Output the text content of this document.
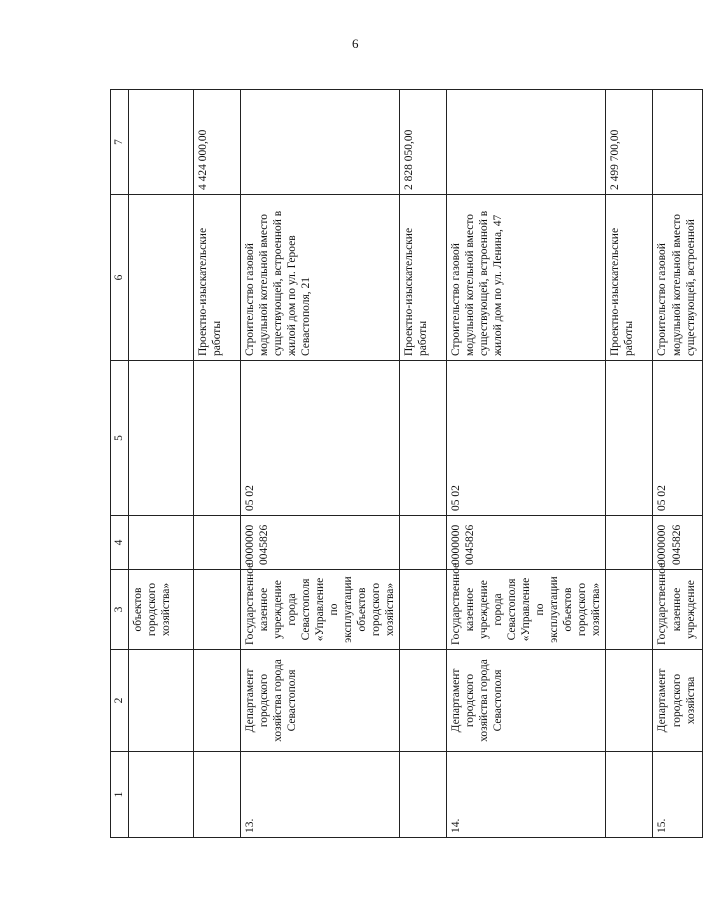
6
1	2	3	4	5	6	7	
		объектов городского хозяйства»					
					Проектно-изыскательские работы	4 424 000,00	
13.	Департамент городского хозяйства города Севастополя	Государственное казенное учреждение города Севастополя «Управление по эксплуатации объектов городского хозяйства»	0000000 0045826	05 02	Строительство газовой модульной котельной вместо существующей, встроенной в жилой дом по ул. Героев Севастополя, 21		
					Проектно-изыскательские работы	2 828 050,00	
14.	Департамент городского хозяйства города Севастополя	Государственное казенное учреждение города Севастополя «Управление по эксплуатации объектов городского хозяйства»	0000000 0045826	05 02	Строительство газовой модульной котельной вместо существующей, встроенной в жилой дом по ул. Ленина, 47		
					Проектно-изыскательские работы	2 499 700,00	
15.	Департамент городского хозяйства	Государственное казенное учреждение	0000000 0045826	05 02	Строительство газовой модульной котельной вместо существующей, встроенной		
